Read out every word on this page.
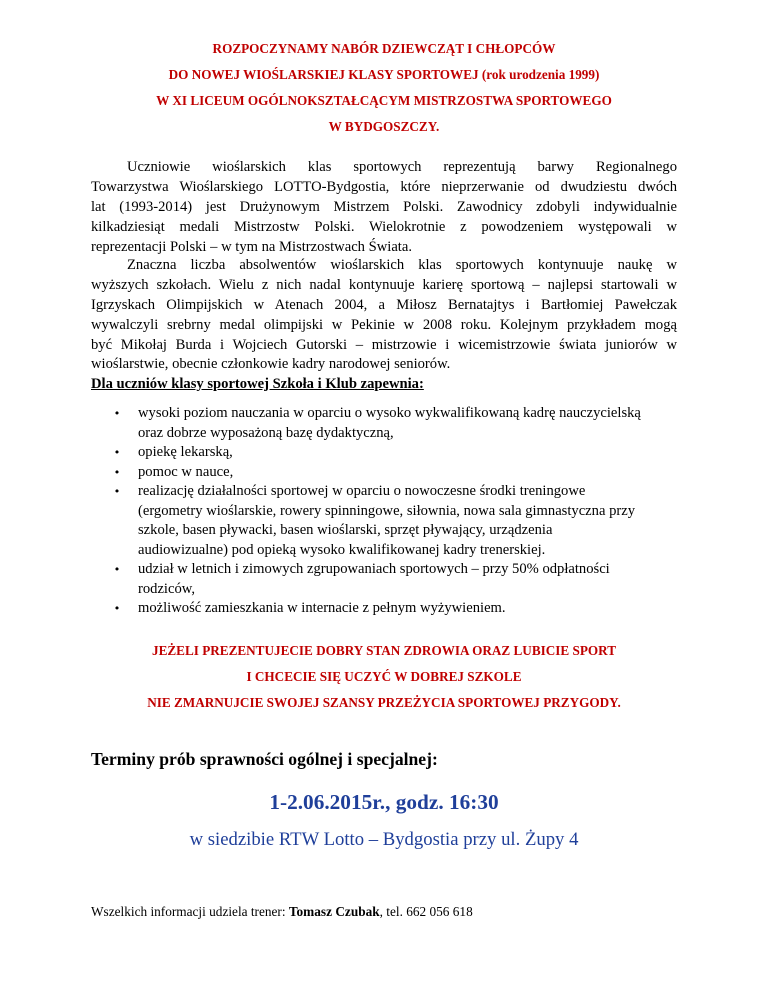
ROZPOCZYNAMY NABÓR DZIEWCZĄT I CHŁOPCÓW
DO NOWEJ WIOŚLARSKIEJ KLASY SPORTOWEJ (rok urodzenia 1999)
W XI LICEUM OGÓLNOKSZTAŁCĄCYM MISTRZOSTWA SPORTOWEGO
W BYDGOSZCZY.
Uczniowie wioślarskich klas sportowych reprezentują barwy Regionalnego
Towarzystwa Wioślarskiego LOTTO-Bydgostia, które nieprzerwanie od dwudziestu dwóch
lat (1993-2014) jest Drużynowym Mistrzem Polski. Zawodnicy zdobyli indywidualnie
kilkadziesiąt medali Mistrzostw Polski. Wielokrotnie z powodzeniem występowali w
reprezentacji Polski – w tym na Mistrzostwach Świata.
Znaczna liczba absolwentów wioślarskich klas sportowych kontynuuje naukę w
wyższych szkołach. Wielu z nich nadal kontynuuje karierę sportową – najlepsi startowali w
Igrzyskach Olimpijskich w Atenach 2004, a Miłosz Bernatajtys i Bartłomiej Pawełczak
wywalczyli srebrny medal olimpijski w Pekinie w 2008 roku. Kolejnym przykładem mogą
być Mikołaj Burda i Wojciech Gutorski – mistrzowie i wicemistrzowie świata juniorów w
wioślarstwie, obecnie członkowie kadry narodowej seniorów.
Dla uczniów klasy sportowej Szkoła i Klub zapewnia:
• wysoki poziom nauczania w oparciu o wysoko wykwalifikowaną kadrę nauczycielską
oraz dobrze wyposażoną bazę dydaktyczną,
• opiekę lekarską,
• pomoc w nauce,
• realizację działalności sportowej w oparciu o nowoczesne środki treningowe
(ergometry wioślarskie, rowery spinningowe, siłownia, nowa sala gimnastyczna przy
szkole, basen pływacki, basen wioślarski, sprzęt pływający, urządzenia
audiowizualne) pod opieką wysoko kwalifikowanej kadry trenerskiej.
• udział w letnich i zimowych zgrupowaniach sportowych – przy 50% odpłatności
rodziców,
• możliwość zamieszkania w internacie z pełnym wyżywieniem.
JEŻELI PREZENTUJECIE DOBRY STAN ZDROWIA ORAZ LUBICIE SPORT
I CHCECIE SIĘ UCZYĆ W DOBREJ SZKOLE
NIE ZMARNUJCIE SWOJEJ SZANSY PRZEŻYCIA SPORTOWEJ PRZYGODY.
Terminy prób sprawności ogólnej i specjalnej:
1-2.06.2015r., godz. 16:30
w siedzibie RTW Lotto – Bydgostia przy ul. Żupy 4
Wszelkich informacji udziela trener: Tomasz Czubak, tel. 662 056 618
